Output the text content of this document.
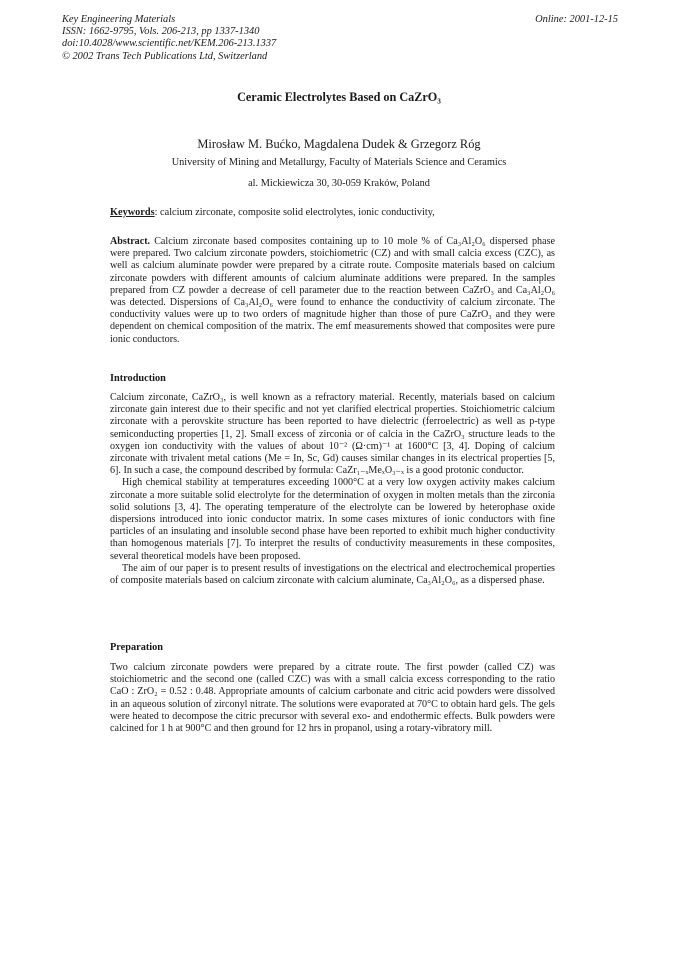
Key Engineering Materials
ISSN: 1662-9795, Vols. 206-213, pp 1337-1340
doi:10.4028/www.scientific.net/KEM.206-213.1337
© 2002 Trans Tech Publications Ltd, Switzerland
Online: 2001-12-15
Ceramic Electrolytes Based on CaZrO₃
Mirosław M. Bućko, Magdalena Dudek & Grzegorz Róg
University of Mining and Metallurgy, Faculty of Materials Science and Ceramics
al. Mickiewicza 30, 30-059 Kraków, Poland
Keywords: calcium zirconate, composite solid electrolytes, ionic conductivity,

Abstract. Calcium zirconate based composites containing up to 10 mole % of Ca₃Al₂O₆ dispersed phase were prepared. Two calcium zirconate powders, stoichiometric (CZ) and with small calcia excess (CZC), as well as calcium aluminate powder were prepared by a citrate route. Composite materials based on calcium zirconate powders with different amounts of calcium aluminate additions were prepared. In the samples prepared from CZ powder a decrease of cell parameter due to the reaction between CaZrO₃ and Ca₃Al₂O₆ was detected. Dispersions of Ca₃Al₂O₆ were found to enhance the conductivity of calcium zirconate. The conductivity values were up to two orders of magnitude higher than those of pure CaZrO₃ and they were dependent on chemical composition of the matrix. The emf measurements showed that composites were pure ionic conductors.

Introduction

Calcium zirconate, CaZrO₃, is well known as a refractory material. Recently, materials based on calcium zirconate gain interest due to their specific and not yet clarified electrical properties. Stoichiometric calcium zirconate with a perovskite structure has been reported to have dielectric (ferroelectric) as well as p-type semiconducting properties [1, 2]. Small excess of zirconia or of calcia in the CaZrO₃ structure leads to the oxygen ion conductivity with the values of about 10⁻² (Ω·cm)⁻¹ at 1600°C [3, 4]. Doping of calcium zirconate with trivalent metal cations (Me = In, Sc, Gd) causes similar changes in its electrical properties [5, 6]. In such a case, the compound described by formula: CaZr₁₋ₓMeₓO₃₋ₓ is a good protonic conductor.

High chemical stability at temperatures exceeding 1000°C at a very low oxygen activity makes calcium zirconate a more suitable solid electrolyte for the determination of oxygen in molten metals than the zirconia solid solutions [3, 4]. The operating temperature of the electrolyte can be lowered by heterophase oxide dispersions introduced into ionic conductor matrix. In some cases mixtures of ionic conductors with fine particles of an insulating and insoluble second phase have been reported to exhibit much higher conductivity than homogenous materials [7]. To interpret the results of conductivity measurements in these composites, several theoretical models have been proposed.

The aim of our paper is to present results of investigations on the electrical and electrochemical properties of composite materials based on calcium zirconate with calcium aluminate, Ca₃Al₂O₆, as a dispersed phase.

Preparation

Two calcium zirconate powders were prepared by a citrate route. The first powder (called CZ) was stoichiometric and the second one (called CZC) was with a small calcia excess corresponding to the ratio CaO : ZrO₂ = 0.52 : 0.48. Appropriate amounts of calcium carbonate and citric acid powders were dissolved in an aqueous solution of zirconyl nitrate. The solutions were evaporated at 70°C to obtain hard gels. The gels were heated to decompose the citric precursor with several exo- and endothermic effects. Bulk powders were calcined for 1 h at 900°C and then ground for 12 hrs in propanol, using a rotary-vibratory mill.
